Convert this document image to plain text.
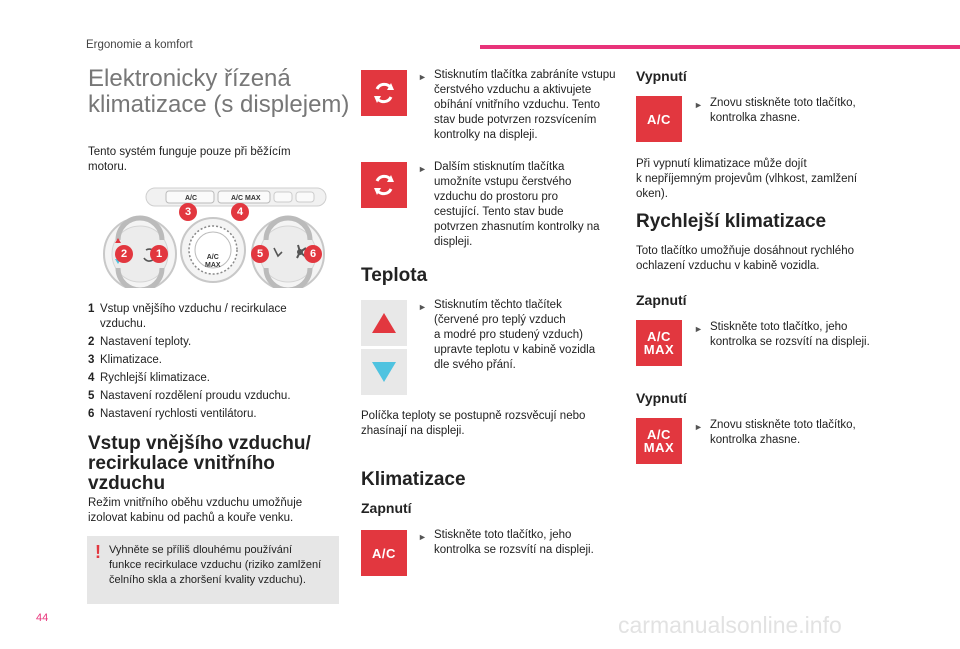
Ergonomie a komfort
Elektronicky řízená
klimatizace (s displejem)
Tento systém funguje pouze při běžícím
motoru.
A/C	A/C MAX
A/C
MAX
1
2
3	4
5	6
1 Vstup vnějšího vzduchu / recirkulace
vzduchu.
2 Nastavení teploty.
3 Klimatizace.
4 Rychlejší klimatizace.
5 Nastavení rozdělení proudu vzduchu.
6 Nastavení rychlosti ventilátoru.
Vstup vnějšího vzduchu/
recirkulace vnitřního
vzduchu
Režim vnitřního oběhu vzduchu umožňuje
izolovat kabinu od pachů a kouře venku.
! Vyhněte se příliš dlouhému používání
funkce recirkulace vzduchu (riziko zamlžení
čelního skla a zhoršení kvality vzduchu).
► Stisknutím tlačítka zabráníte vstupu
čerstvého vzduchu a aktivujete
obíhání vnitřního vzduchu. Tento
stav bude potvrzen rozsvícením
kontrolky na displeji.
► Dalším stisknutím tlačítka
umožníte vstupu čerstvého
vzduchu do prostoru pro
cestující. Tento stav bude
potvrzen zhasnutím kontrolky na
displeji.
Teplota
► Stisknutím těchto tlačítek
(červené pro teplý vzduch
a modré pro studený vzduch)
upravte teplotu v kabině vozidla
dle svého přání.
Políčka teploty se postupně rozsvěcují nebo
zhasínají na displeji.
Klimatizace
Zapnutí
A/C
► Stiskněte toto tlačítko, jeho
kontrolka se rozsvítí na displeji.
Vypnutí
A/C
► Znovu stiskněte toto tlačítko,
kontrolka zhasne.
Při vypnutí klimatizace může dojít
k nepříjemným projevům (vlhkost, zamlžení
oken).
Rychlejší klimatizace
Toto tlačítko umožňuje dosáhnout rychlého
ochlazení vzduchu v kabině vozidla.
Zapnutí
A/C
MAX
► Stiskněte toto tlačítko, jeho
kontrolka se rozsvítí na displeji.
Vypnutí
A/C
MAX
► Znovu stiskněte toto tlačítko,
kontrolka zhasne.
44	carmanualsonline.info
